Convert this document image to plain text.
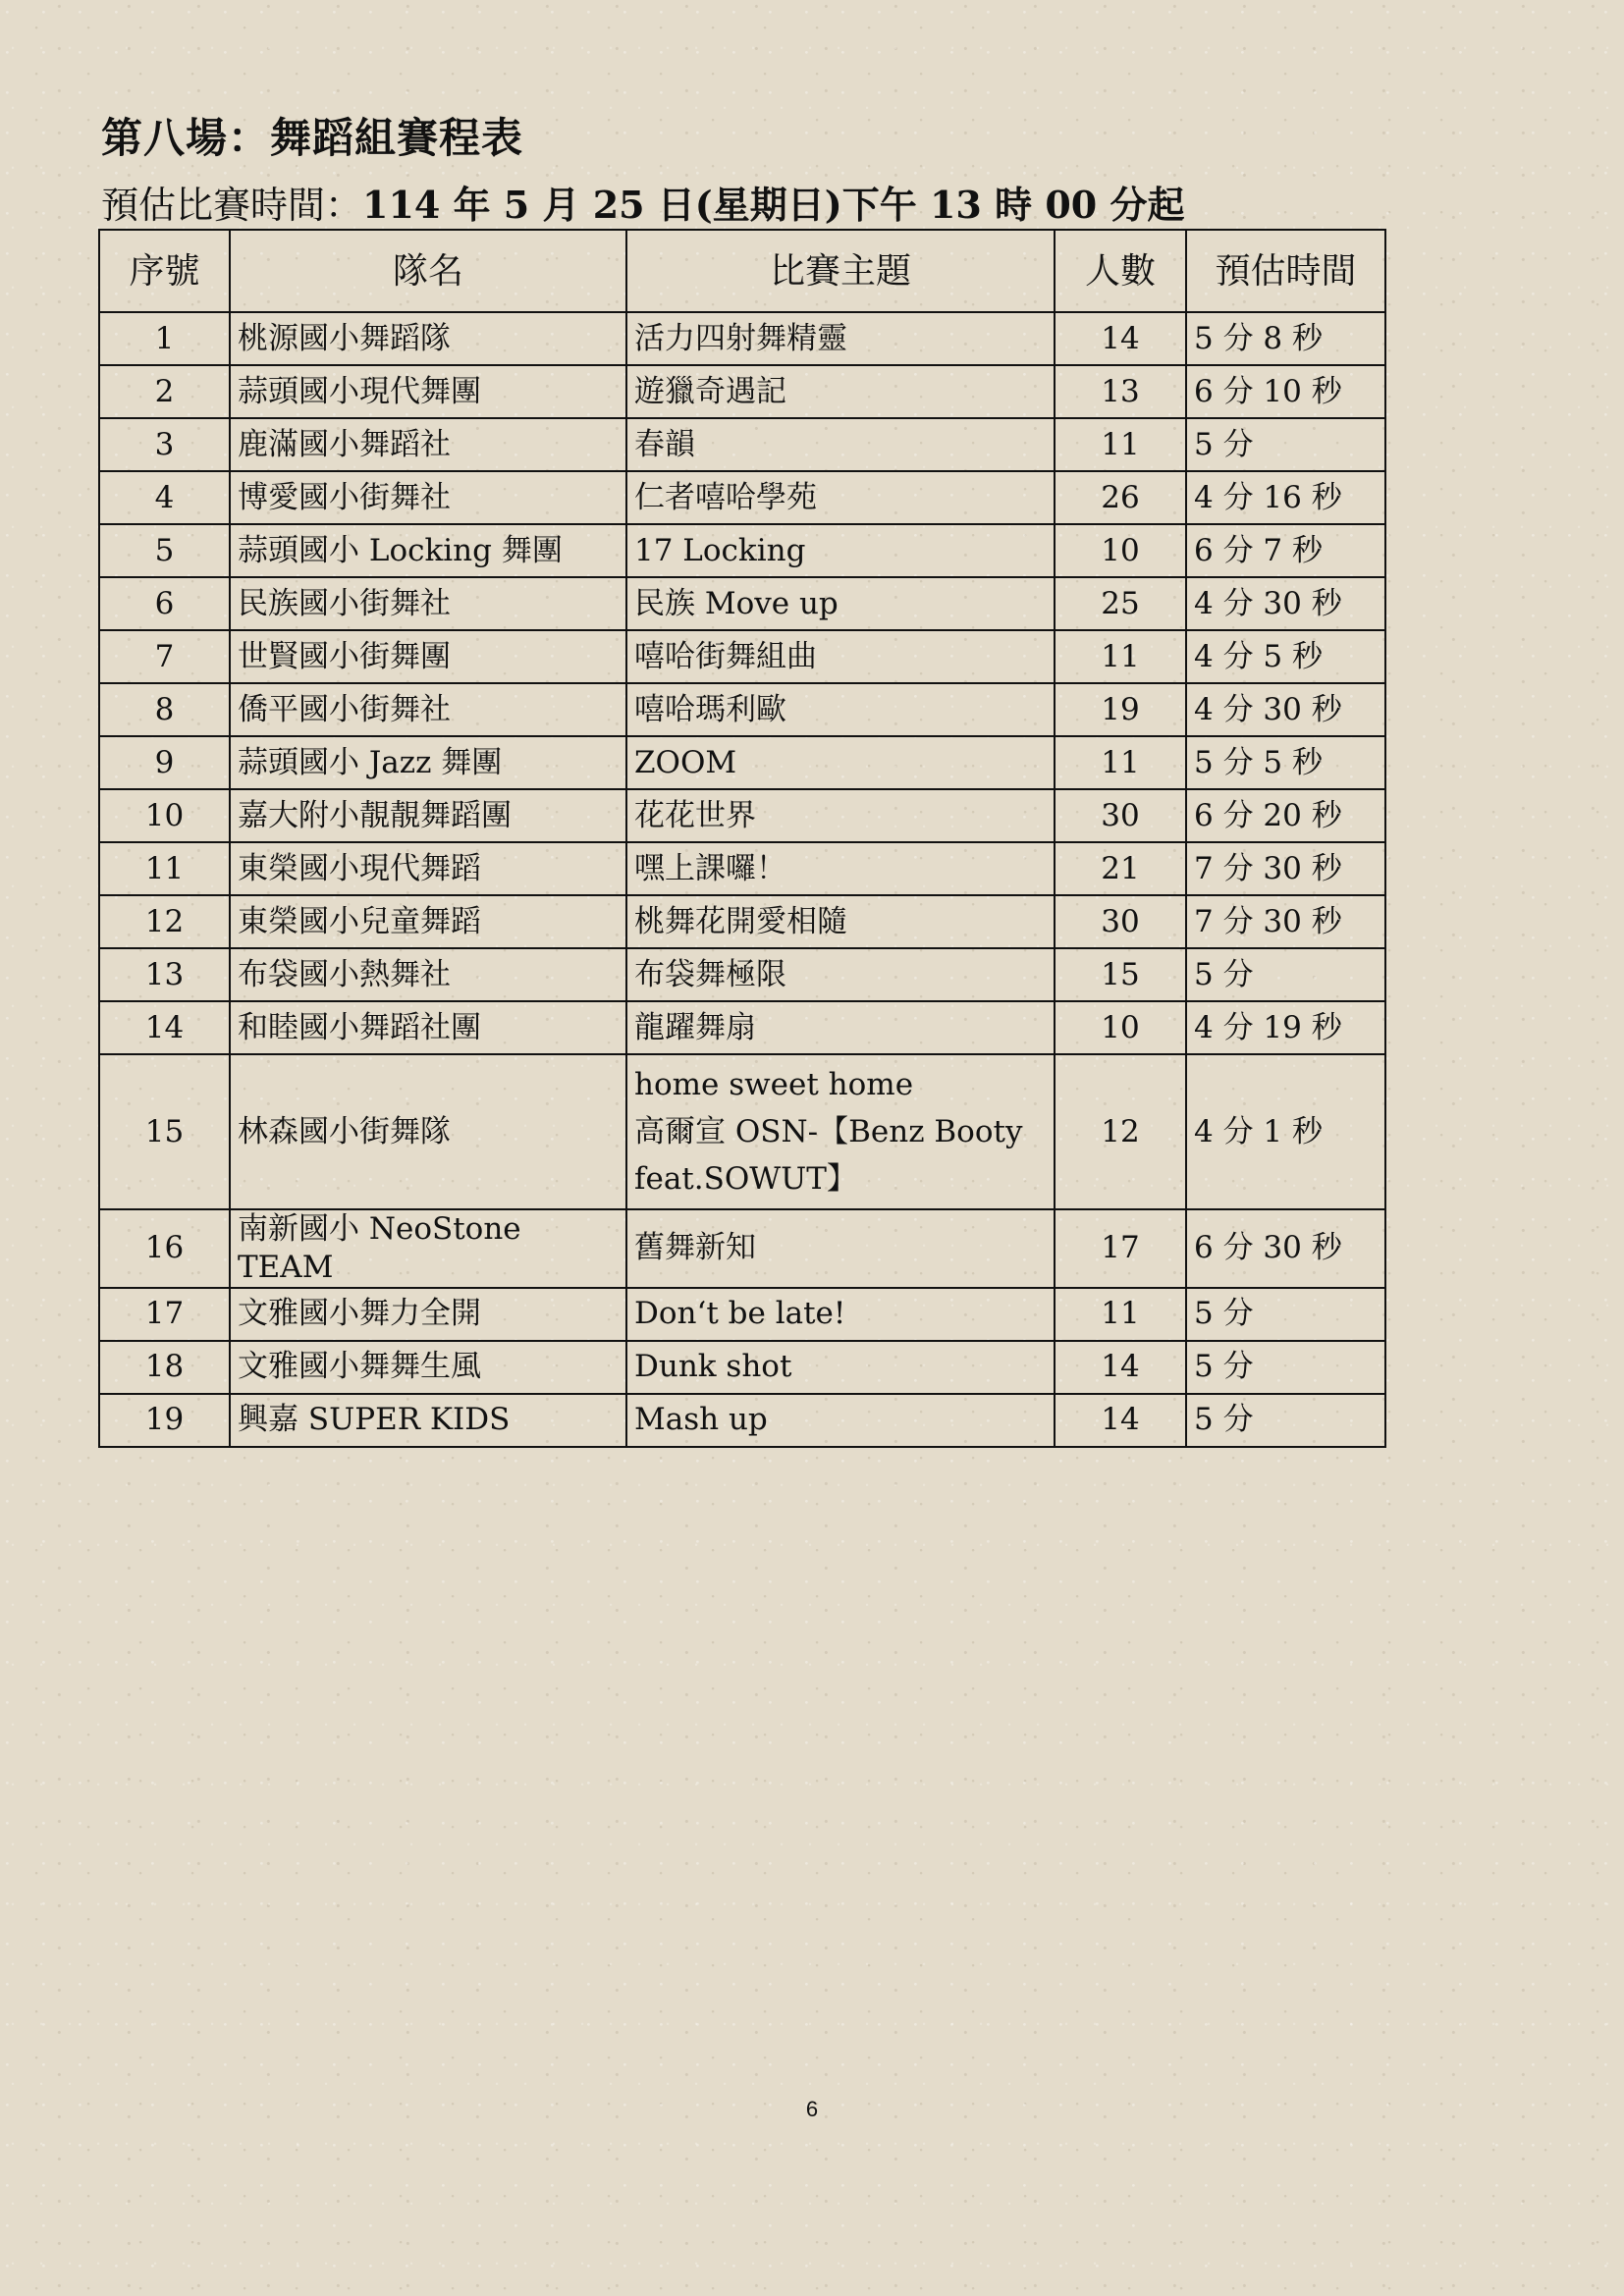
第八場：舞蹈組賽程表
預估比賽時間：114 年 5 月 25 日(星期日)下午 13 時 00 分起
序號	隊名	比賽主題	人數	預估時間
1	桃源國小舞蹈隊	活力四射舞精靈	14	5 分 8 秒
2	蒜頭國小現代舞團	遊獵奇遇記	13	6 分 10 秒
3	鹿滿國小舞蹈社	春韻	11	5 分
4	博愛國小街舞社	仁者嘻哈學苑	26	4 分 16 秒
5	蒜頭國小 Locking 舞團	17 Locking	10	6 分 7 秒
6	民族國小街舞社	民族 Move up	25	4 分 30 秒
7	世賢國小街舞團	嘻哈街舞組曲	11	4 分 5 秒
8	僑平國小街舞社	嘻哈瑪利歐	19	4 分 30 秒
9	蒜頭國小 Jazz 舞團	ZOOM	11	5 分 5 秒
10	嘉大附小靚靚舞蹈團	花花世界	30	6 分 20 秒
11	東榮國小現代舞蹈	嘿上課囉！	21	7 分 30 秒
12	東榮國小兒童舞蹈	桃舞花開愛相隨	30	7 分 30 秒
13	布袋國小熱舞社	布袋舞極限	15	5 分
14	和睦國小舞蹈社團	龍躍舞扇	10	4 分 19 秒
15	林森國小街舞隊	home sweet home
高爾宣 OSN-【Benz Booty
feat.SOWUT】	12	4 分 1 秒
16	南新國小 NeoStone TEAM	舊舞新知	17	6 分 30 秒
17	文雅國小舞力全開	Don‘t be late!	11	5 分
18	文雅國小舞舞生風	Dunk shot	14	5 分
19	興嘉 SUPER KIDS	Mash up	14	5 分
6
